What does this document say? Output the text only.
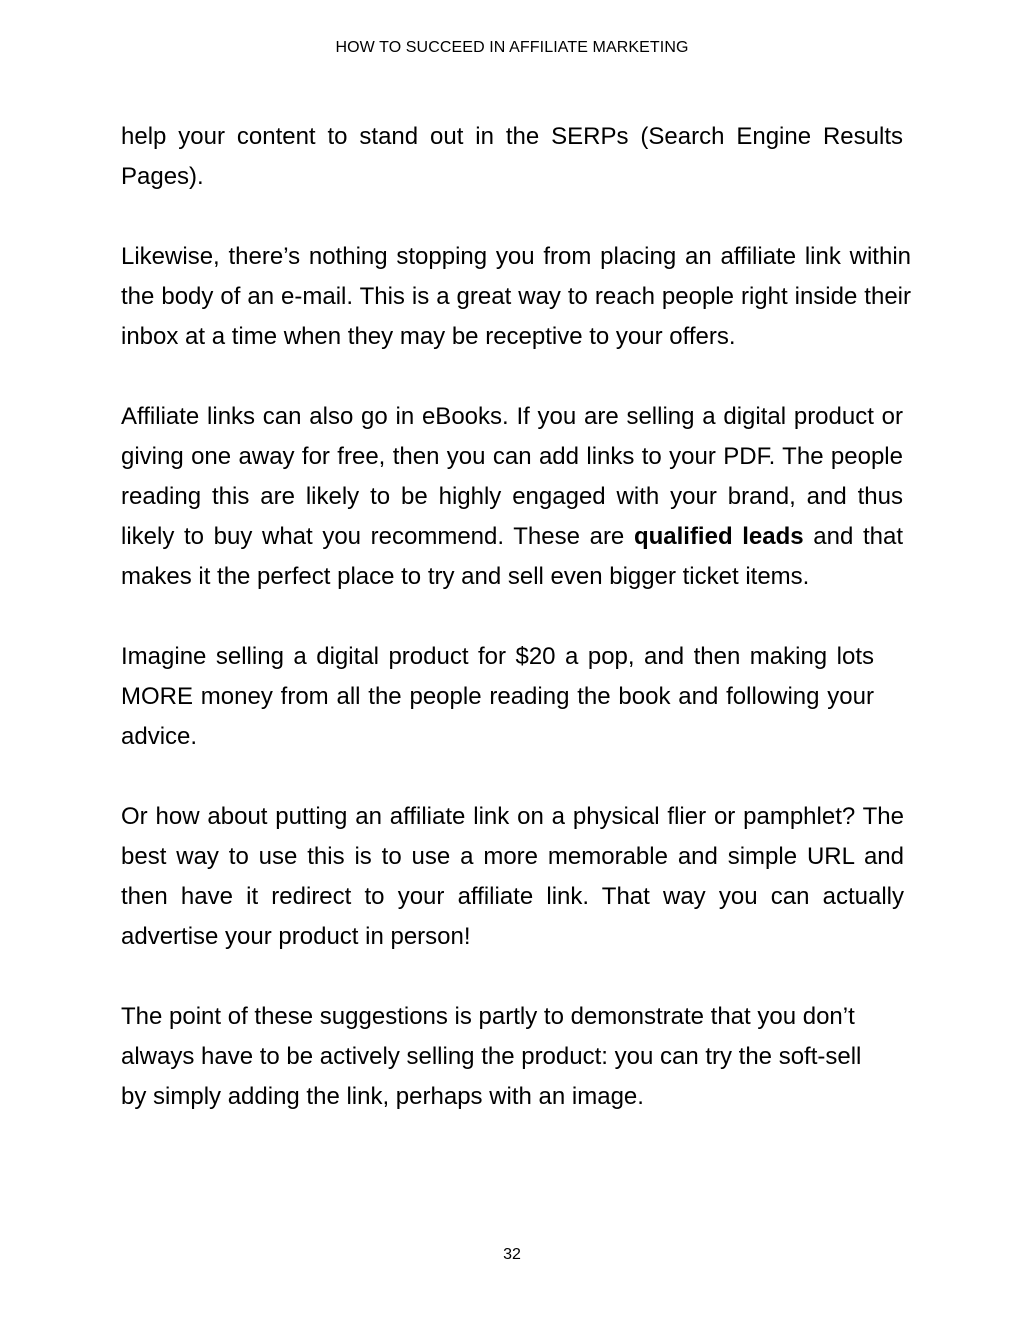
HOW TO SUCCEED IN AFFILIATE MARKETING

help your content to stand out in the SERPs (Search Engine Results Pages).

Likewise, there’s nothing stopping you from placing an affiliate link within the body of an e-mail. This is a great way to reach people right inside their inbox at a time when they may be receptive to your offers.

Affiliate links can also go in eBooks. If you are selling a digital product or giving one away for free, then you can add links to your PDF. The people reading this are likely to be highly engaged with your brand, and thus likely to buy what you recommend. These are qualified leads and that makes it the perfect place to try and sell even bigger ticket items.

Imagine selling a digital product for $20 a pop, and then making lots MORE money from all the people reading the book and following your advice.

Or how about putting an affiliate link on a physical flier or pamphlet? The best way to use this is to use a more memorable and simple URL and then have it redirect to your affiliate link. That way you can actually advertise your product in person!

The point of these suggestions is partly to demonstrate that you don’t always have to be actively selling the product: you can try the soft-sell by simply adding the link, perhaps with an image.

32
